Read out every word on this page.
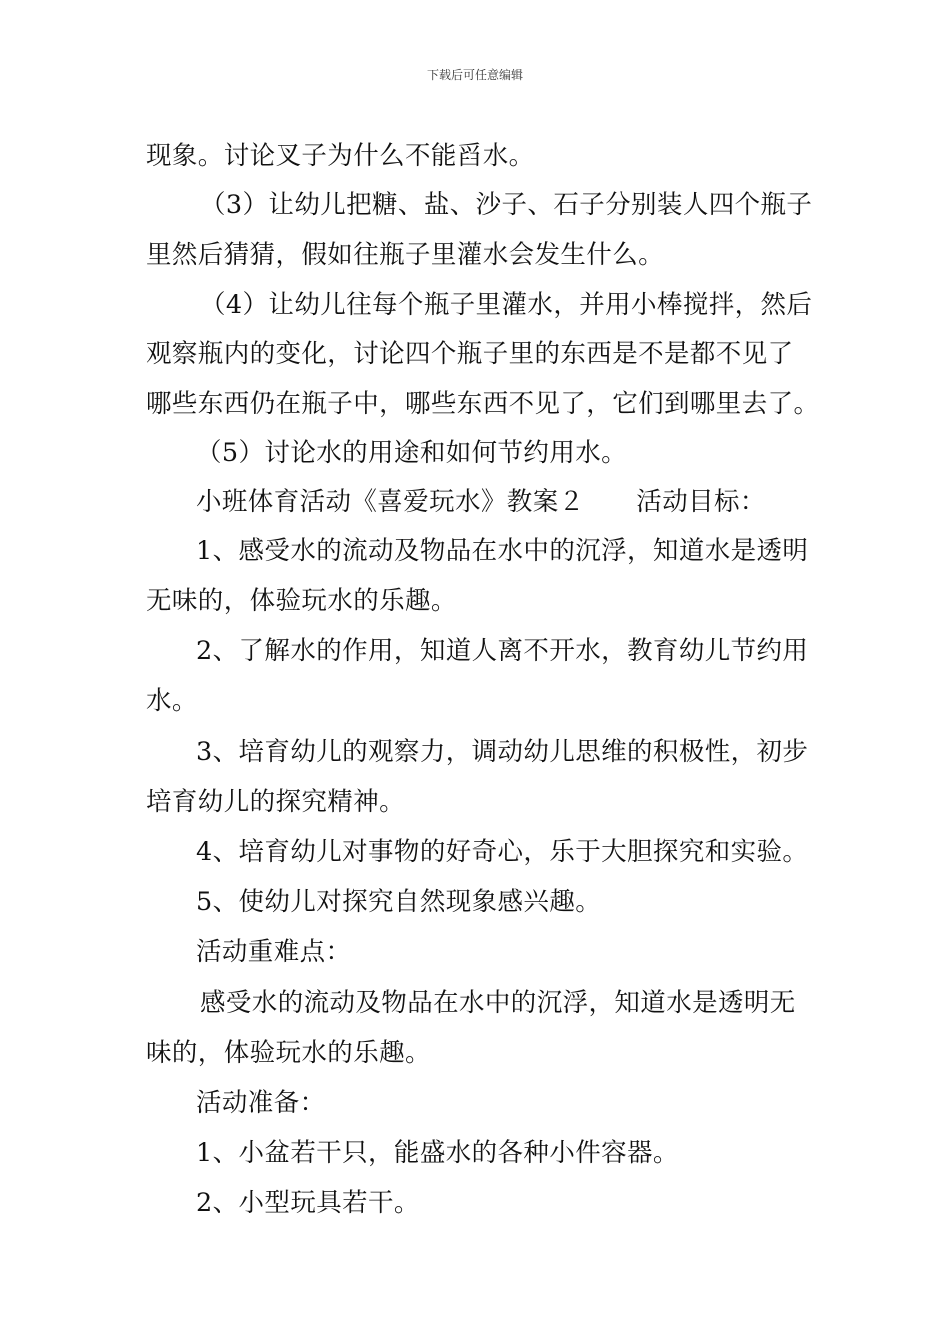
下载后可任意编辑
现象。讨论叉子为什么不能舀水。
（3）让幼儿把糖、盐、沙子、石子分别装人四个瓶子
里然后猜猜，假如往瓶子里灌水会发生什么。
（4）让幼儿往每个瓶子里灌水，并用小棒搅拌，然后
观察瓶内的变化，讨论四个瓶子里的东西是不是都不见了
哪些东西仍在瓶子中，哪些东西不见了，它们到哪里去了。
（5）讨论水的用途和如何节约用水。
小班体育活动《喜爱玩水》教案２　　活动目标：
1、感受水的流动及物品在水中的沉浮，知道水是透明
无味的，体验玩水的乐趣。
2、了解水的作用，知道人离不开水，教育幼儿节约用
水。
3、培育幼儿的观察力，调动幼儿思维的积极性，初步
培育幼儿的探究精神。
4、培育幼儿对事物的好奇心，乐于大胆探究和实验。
5、使幼儿对探究自然现象感兴趣。
活动重难点：
感受水的流动及物品在水中的沉浮，知道水是透明无
味的，体验玩水的乐趣。
活动准备：
1、小盆若干只，能盛水的各种小件容器。
2、小型玩具若干。
